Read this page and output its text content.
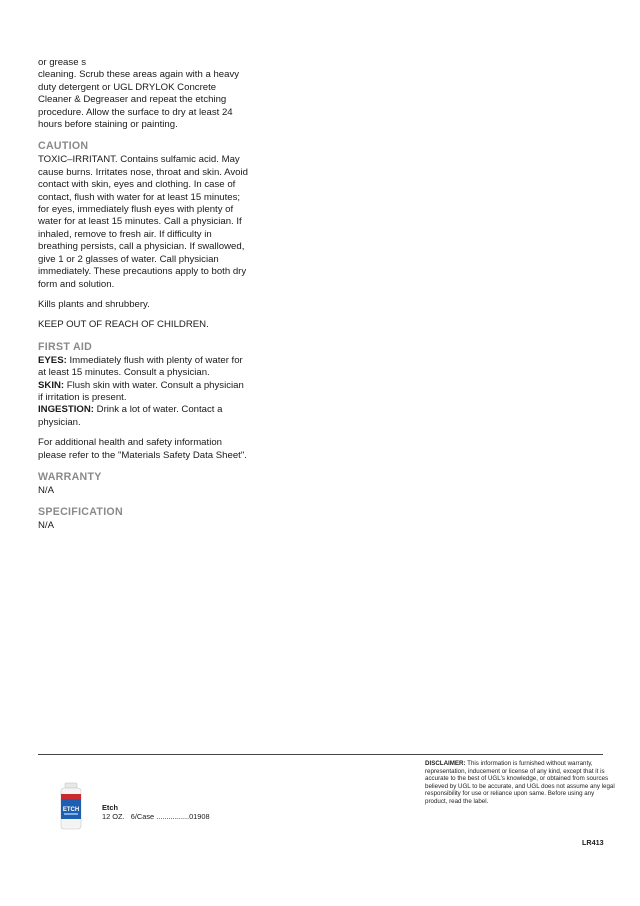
or grease s

cleaning. Scrub these areas again with a heavy duty detergent or UGL DRYLOK Concrete Cleaner & Degreaser and repeat the etching procedure. Allow the surface to dry at least 24 hours before staining or painting.

CAUTION

TOXIC–IRRITANT. Contains sulfamic acid. May cause burns. Irritates nose, throat and skin. Avoid contact with skin, eyes and clothing. In case of contact, flush with water for at least 15 minutes; for eyes, immediately flush eyes with plenty of water for at least 15 minutes. Call a physician. If inhaled, remove to fresh air. If difficulty in breathing persists, call a physician. If swallowed, give 1 or 2 glasses of water. Call physician immediately. These precautions apply to both dry form and solution.

Kills plants and shrubbery.

KEEP OUT OF REACH OF CHILDREN.

FIRST AID

EYES: Immediately flush with plenty of water for at least 15 minutes. Consult a physician.

SKIN: Flush skin with water. Consult a physician if irritation is present.

INGESTION: Drink a lot of water. Contact a physician.

For additional health and safety information please refer to the "Materials Safety Data Sheet".

WARRANTY

N/A

SPECIFICATION

N/A

DISCLAIMER: This information is furnished without warranty, representation, inducement or license of any kind, except that it is accurate to the best of UGL's knowledge, or obtained from sources believed by UGL to be accurate, and UGL does not assume any legal responsibility for use or reliance upon same. Before using any product, read the label.
ETCH	Etch
12 OZ.   6/Case ................01908
LR413
